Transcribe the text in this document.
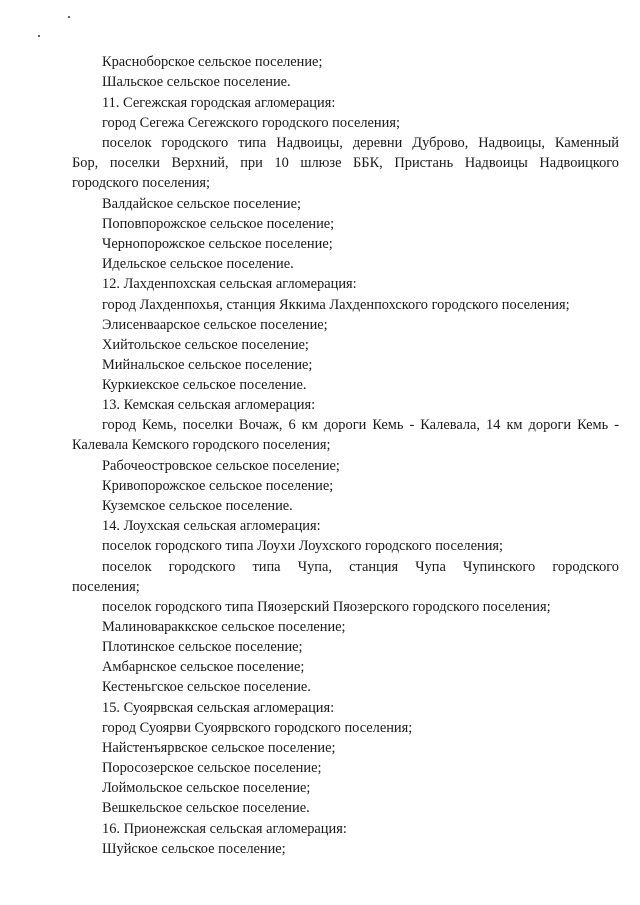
Красноборское сельское поселение;

Шальское сельское поселение.

11. Сегежская городская агломерация:

город Сегежа Сегежского городского поселения;

поселок городского типа Надвоицы, деревни Дуброво, Надвоицы, Каменный

Бор, поселки Верхний, при 10 шлюзе ББК, Пристань Надвоицы Надвоицкого

городского поселения;

Валдайское сельское поселение;

Поповпорожское сельское поселение;

Чернопорожское сельское поселение;

Идельское сельское поселение.

12. Лахденпохская сельская агломерация:

город Лахденпохья, станция Яккима Лахденпохского городского поселения;

Элисенваарское сельское поселение;

Хийтольское сельское поселение;

Мийнальское сельское поселение;

Куркиекское сельское поселение.

13. Кемская сельская агломерация:

город Кемь, поселки Вочаж, 6 км дороги Кемь - Калевала, 14 км дороги Кемь -

Калевала Кемского городского поселения;

Рабочеостровское сельское поселение;

Кривопорожское сельское поселение;

Куземское сельское поселение.

14. Лоухская сельская агломерация:

поселок городского типа Лоухи Лоухского городского поселения;

поселок городского типа Чупа, станция Чупа Чупинского городского

поселения;

поселок городского типа Пяозерский Пяозерского городского поселения;

Малиновараккское сельское поселение;

Плотинское сельское поселение;

Амбарнское сельское поселение;

Кестеньгское сельское поселение.

15. Суоярвская сельская агломерация:

город Суоярви Суоярвского городского поселения;

Найстенъярвское сельское поселение;

Поросозерское сельское поселение;

Лоймольское сельское поселение;

Вешкельское сельское поселение.

16. Прионежская сельская агломерация:

Шуйское сельское поселение;
